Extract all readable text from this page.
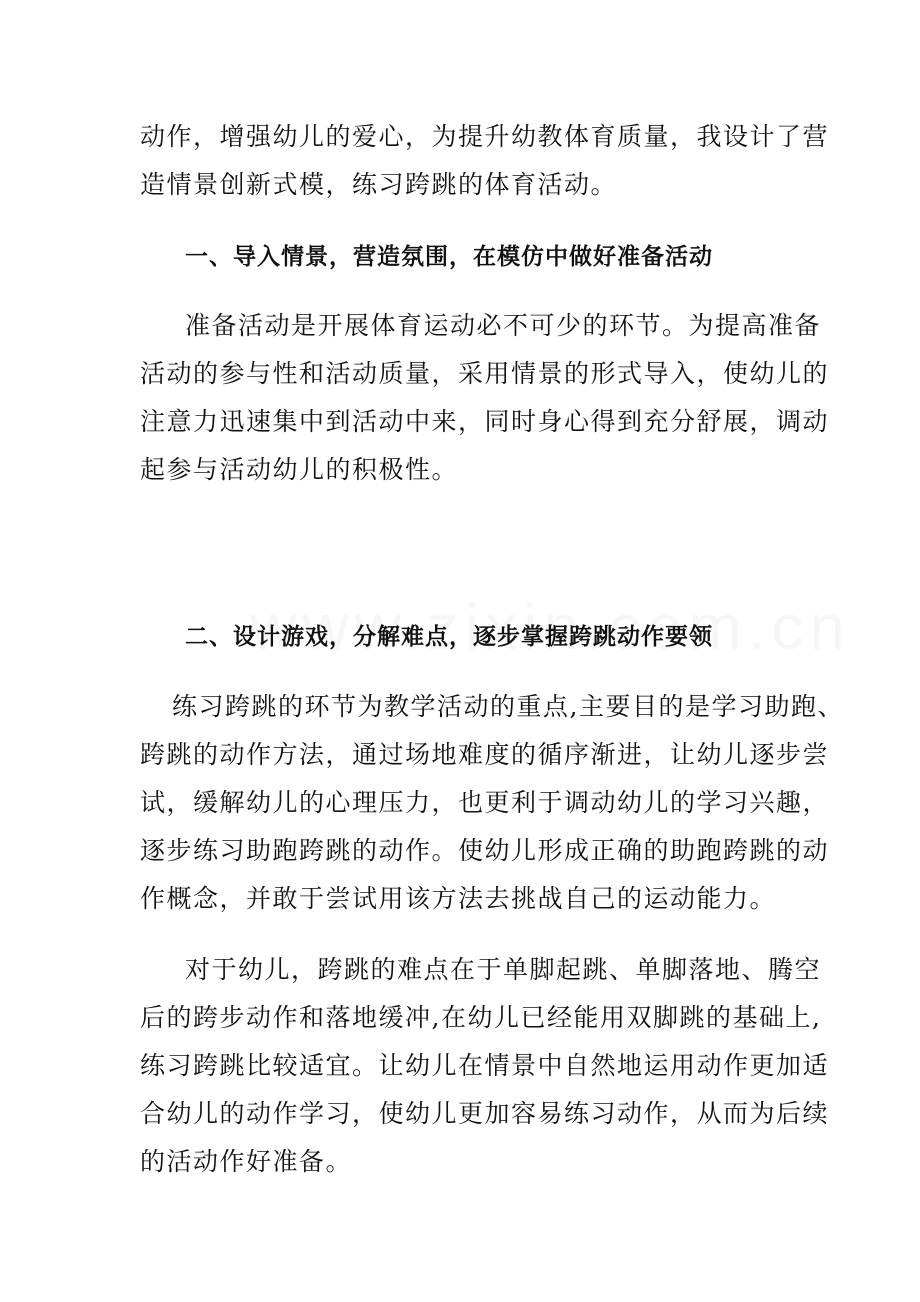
动作，增强幼儿的爱心，为提升幼教体育质量，我设计了营

造情景创新式模，练习跨跳的体育活动。

一、导入情景，营造氛围，在模仿中做好准备活动

准备活动是开展体育运动必不可少的环节。为提高准备

活动的参与性和活动质量，采用情景的形式导入，使幼儿的

注意力迅速集中到活动中来，同时身心得到充分舒展，调动

起参与活动幼儿的积极性。

二、设计游戏，分解难点，逐步掌握跨跳动作要领

练习跨跳的环节为教学活动的重点,主要目的是学习助跑、

跨跳的动作方法，通过场地难度的循序渐进，让幼儿逐步尝

试，缓解幼儿的心理压力，也更利于调动幼儿的学习兴趣，

逐步练习助跑跨跳的动作。使幼儿形成正确的助跑跨跳的动

作概念，并敢于尝试用该方法去挑战自己的运动能力。

对于幼儿，跨跳的难点在于单脚起跳、单脚落地、腾空

后的跨步动作和落地缓冲,在幼儿已经能用双脚跳的基础上,

练习跨跳比较适宜。让幼儿在情景中自然地运用动作更加适

合幼儿的动作学习，使幼儿更加容易练习动作，从而为后续

的活动作好准备。
